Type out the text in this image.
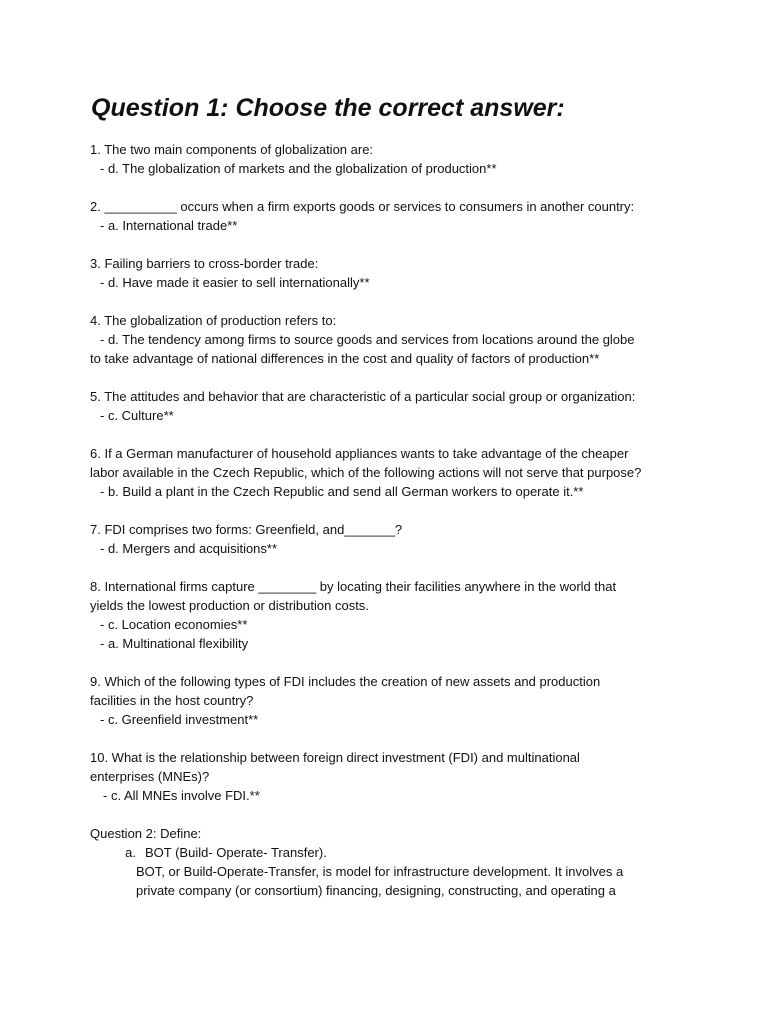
Question 1: Choose the correct answer:
1. The two main components of globalization are:
- d. The globalization of markets and the globalization of production**
2. __________ occurs when a firm exports goods or services to consumers in another country:
- a. International trade**
3. Failing barriers to cross-border trade:
- d. Have made it easier to sell internationally**
4. The globalization of production refers to:
- d. The tendency among firms to source goods and services from locations around the globe
to take advantage of national differences in the cost and quality of factors of production**
5. The attitudes and behavior that are characteristic of a particular social group or organization:
- c. Culture**
6. If a German manufacturer of household appliances wants to take advantage of the cheaper
labor available in the Czech Republic, which of the following actions will not serve that purpose?
- b. Build a plant in the Czech Republic and send all German workers to operate it.**
7. FDI comprises two forms: Greenfield, and_______?
- d. Mergers and acquisitions**
8. International firms capture ________ by locating their facilities anywhere in the world that
yields the lowest production or distribution costs.
- c. Location economies**
- a. Multinational flexibility
9. Which of the following types of FDI includes the creation of new assets and production
facilities in the host country?
- c. Greenfield investment**
10. What is the relationship between foreign direct investment (FDI) and multinational
enterprises (MNEs)?
- c. All MNEs involve FDI.**
Question 2: Define:
a. BOT (Build- Operate- Transfer).
BOT, or Build-Operate-Transfer, is model for infrastructure development. It involves a
private company (or consortium) financing, designing, constructing, and operating a
